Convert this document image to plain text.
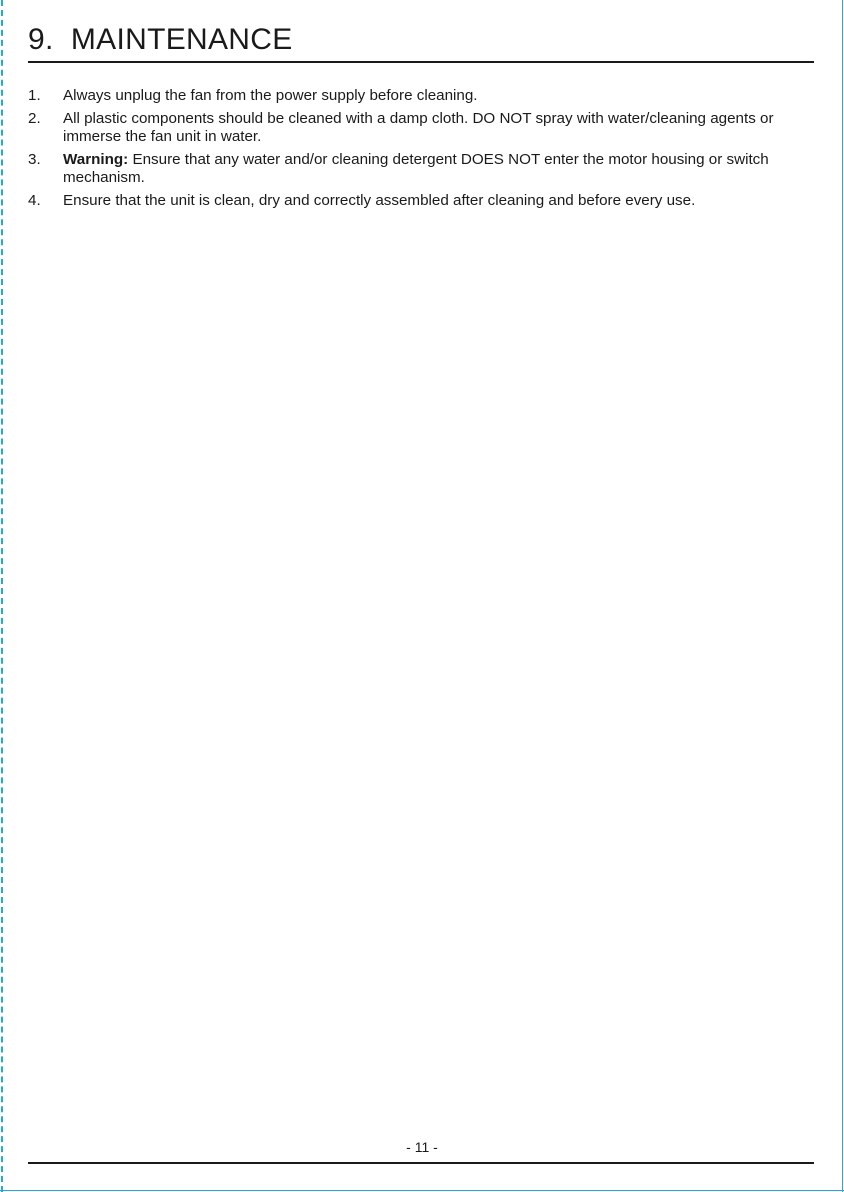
9.  MAINTENANCE
1. Always unplug the fan from the power supply before cleaning.
2. All plastic components should be cleaned with a damp cloth. DO NOT spray with water/cleaning agents or immerse the fan unit in water.
3. Warning: Ensure that any water and/or cleaning detergent DOES NOT enter the motor housing or switch mechanism.
4. Ensure that the unit is clean, dry and correctly assembled after cleaning and before every use.
- 11 -
